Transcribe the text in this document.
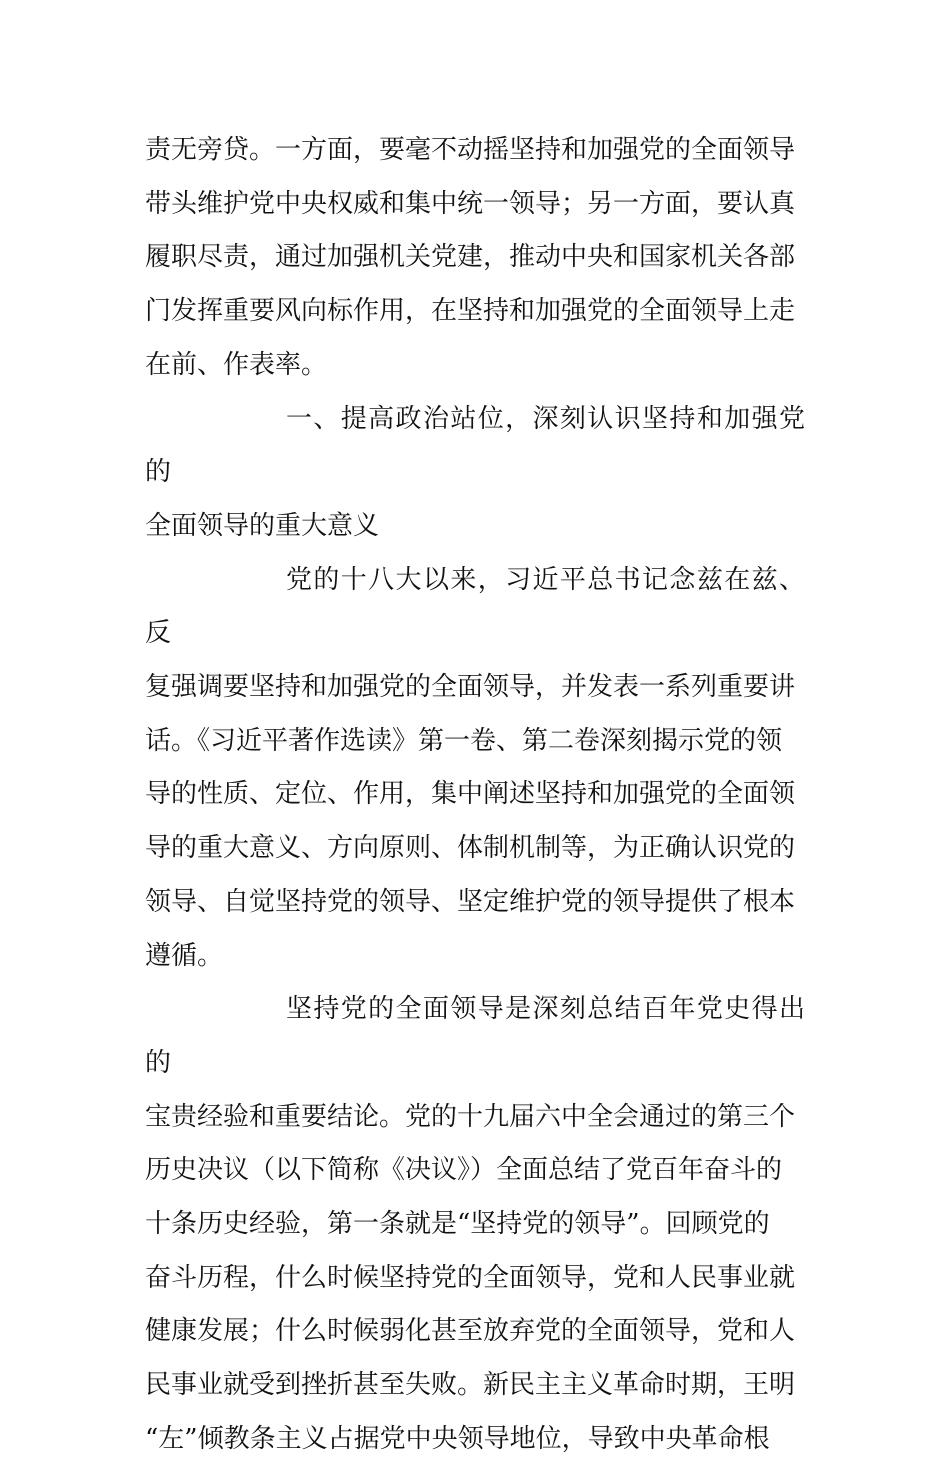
责无旁贷。一方面，要毫不动摇坚持和加强党的全面领导
带头维护党中央权威和集中统一领导；另一方面，要认真
履职尽责，通过加强机关党建，推动中央和国家机关各部
门发挥重要风向标作用，在坚持和加强党的全面领导上走
在前、作表率。

一、提高政治站位，深刻认识坚持和加强党的
全面领导的重大意义

党的十八大以来，习近平总书记念兹在兹、反
复强调要坚持和加强党的全面领导，并发表一系列重要讲
话。《习近平著作选读》第一卷、第二卷深刻揭示党的领
导的性质、定位、作用，集中阐述坚持和加强党的全面领
导的重大意义、方向原则、体制机制等，为正确认识党的
领导、自觉坚持党的领导、坚定维护党的领导提供了根本
遵循。

坚持党的全面领导是深刻总结百年党史得出的
宝贵经验和重要结论。党的十九届六中全会通过的第三个
历史决议（以下简称《决议》）全面总结了党百年奋斗的
十条历史经验，第一条就是“坚持党的领导”。回顾党的
奋斗历程，什么时候坚持党的全面领导，党和人民事业就
健康发展；什么时候弱化甚至放弃党的全面领导，党和人
民事业就受到挫折甚至失败。新民主主义革命时期，王明
“左”倾教条主义占据党中央领导地位，导致中央革命根
